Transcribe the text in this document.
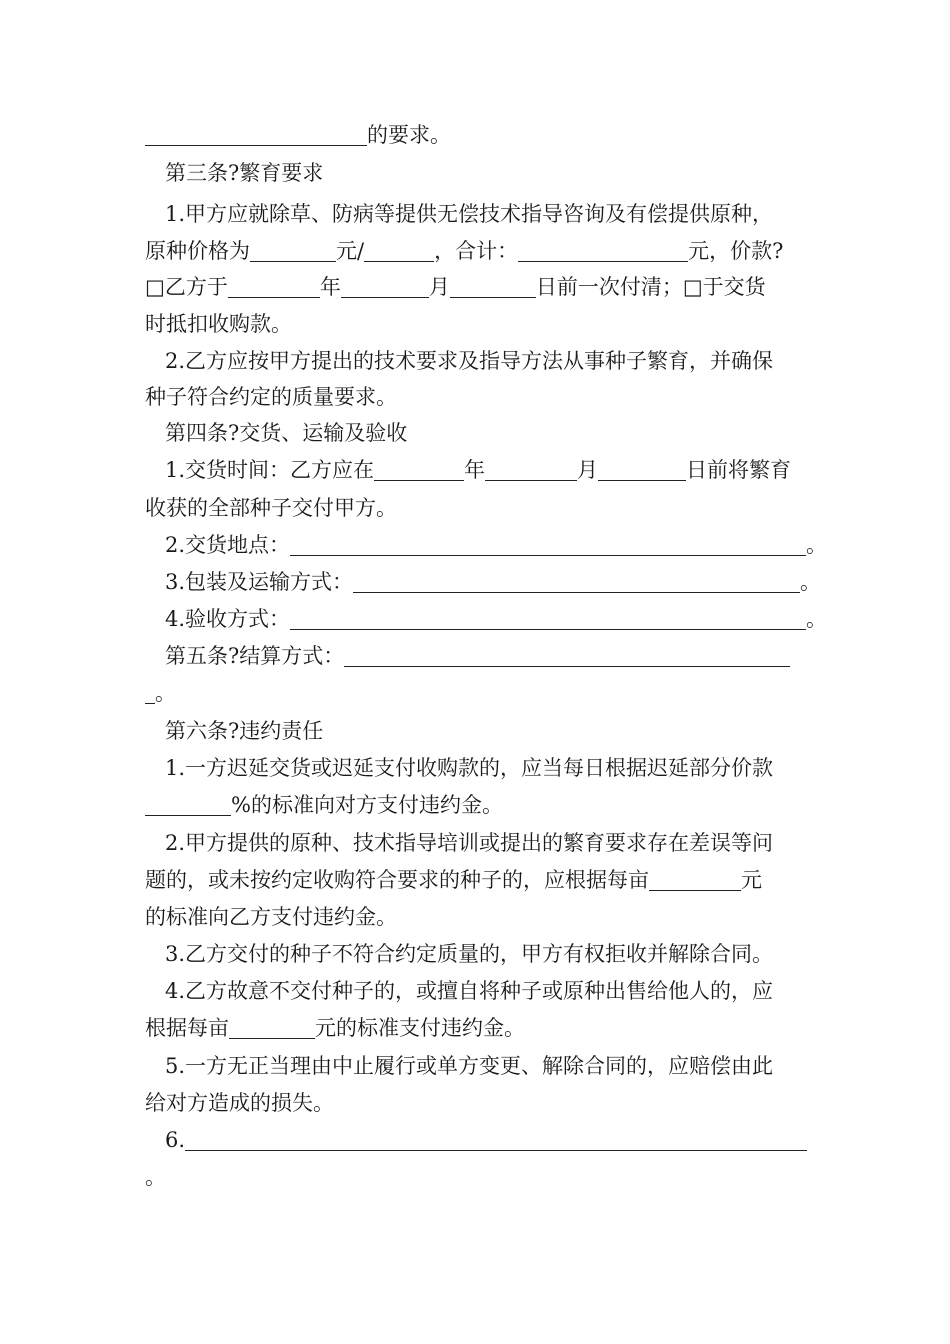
的要求。
第三条?繁育要求
1.甲方应就除草、防病等提供无偿技术指导咨询及有偿提供原种，
原种价格为	元/	，合计：	元，价款?
□乙方于	年	月	日前一次付清；□于交货
时抵扣收购款。
2.乙方应按甲方提出的技术要求及指导方法从事种子繁育，并确保
种子符合约定的质量要求。
第四条?交货、运输及验收
1.交货时间：乙方应在	年	月	日前将繁育
收获的全部种子交付甲方。
2.交货地点：	。
3.包装及运输方式：	。
4.验收方式：	。
第五条?结算方式：
。
第六条?违约责任
1.一方迟延交货或迟延支付收购款的，应当每日根据迟延部分价款
%的标准向对方支付违约金。
2.甲方提供的原种、技术指导培训或提出的繁育要求存在差误等问
题的，或未按约定收购符合要求的种子的，应根据每亩	元
的标准向乙方支付违约金。
3.乙方交付的种子不符合约定质量的，甲方有权拒收并解除合同。
4.乙方故意不交付种子的，或擅自将种子或原种出售给他人的，应
根据每亩	元的标准支付违约金。
5.一方无正当理由中止履行或单方变更、解除合同的，应赔偿由此
给对方造成的损失。
6.
。
